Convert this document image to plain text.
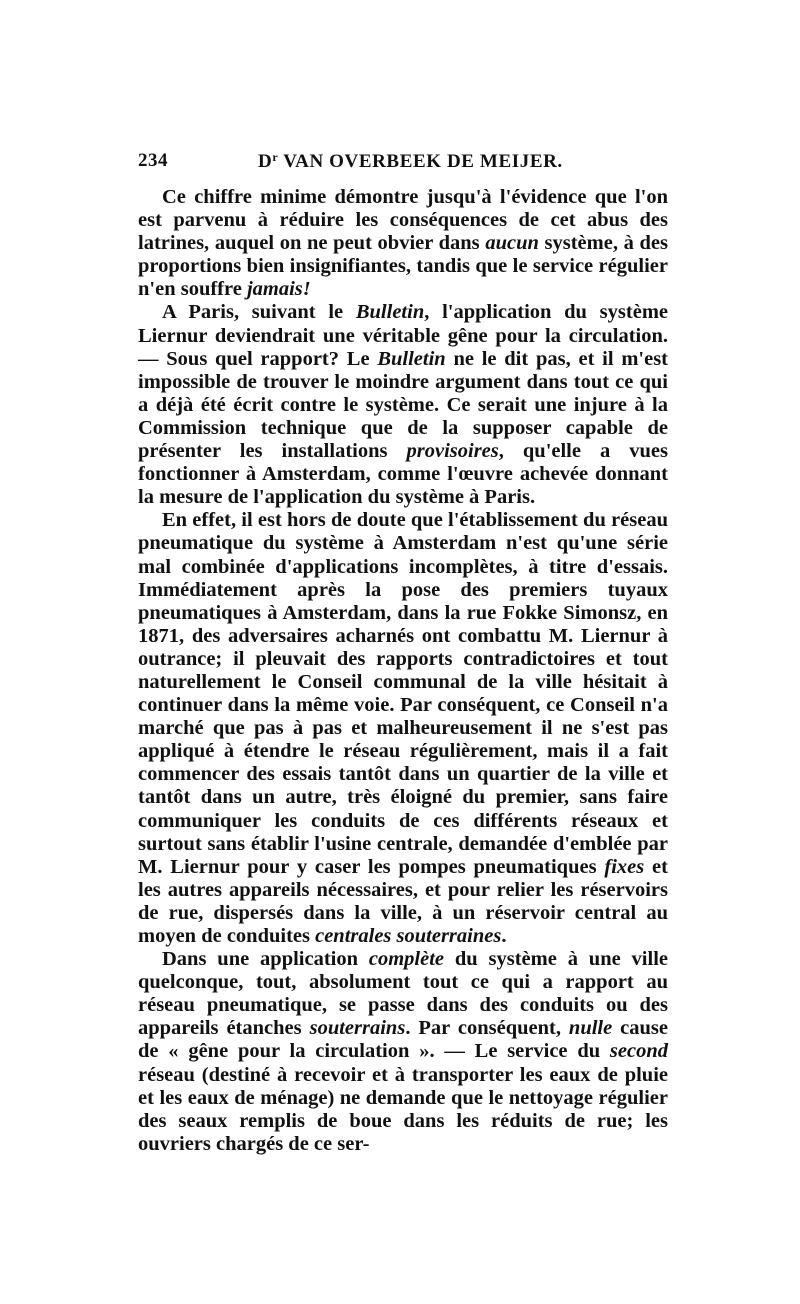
234	$D^r$ VAN OVERBEEK DE MEIJER.

Ce chiffre minime démontre jusqu'à l'évidence que l'on est parvenu à réduire les conséquences de cet abus des latrines, auquel on ne peut obvier dans aucun système, à des proportions bien insignifiantes, tandis que le service régulier n'en souffre jamais!

A Paris, suivant le Bulletin, l'application du système Liernur deviendrait une véritable gêne pour la circulation. — Sous quel rapport? Le Bulletin ne le dit pas, et il m'est impossible de trouver le moindre argument dans tout ce qui a déjà été écrit contre le système. Ce serait une injure à la Commission technique que de la supposer capable de présenter les installations provisoires, qu'elle a vues fonctionner à Amsterdam, comme l'œuvre achevée donnant la mesure de l'application du système à Paris.

En effet, il est hors de doute que l'établissement du réseau pneumatique du système à Amsterdam n'est qu'une série mal combinée d'applications incomplètes, à titre d'essais. Immédiatement après la pose des premiers tuyaux pneumatiques à Amsterdam, dans la rue Fokke Simonsz, en 1871, des adversaires acharnés ont combattu M. Liernur à outrance; il pleuvait des rapports contradictoires et tout naturellement le Conseil communal de la ville hésitait à continuer dans la même voie. Par conséquent, ce Conseil n'a marché que pas à pas et malheureusement il ne s'est pas appliqué à étendre le réseau régulièrement, mais il a fait commencer des essais tantôt dans un quartier de la ville et tantôt dans un autre, très éloigné du premier, sans faire communiquer les conduits de ces différents réseaux et surtout sans établir l'usine centrale, demandée d'emblée par M. Liernur pour y caser les pompes pneumatiques fixes et les autres appareils nécessaires, et pour relier les réservoirs de rue, dispersés dans la ville, à un réservoir central au moyen de conduites centrales souterraines.

Dans une application complète du système à une ville quelconque, tout, absolument tout ce qui a rapport au réseau pneumatique, se passe dans des conduits ou des appareils étanches souterrains. Par conséquent, nulle cause de « gêne pour la circulation ». — Le service du second réseau (destiné à recevoir et à transporter les eaux de pluie et les eaux de ménage) ne demande que le nettoyage régulier des seaux remplis de boue dans les réduits de rue; les ouvriers chargés de ce ser-
